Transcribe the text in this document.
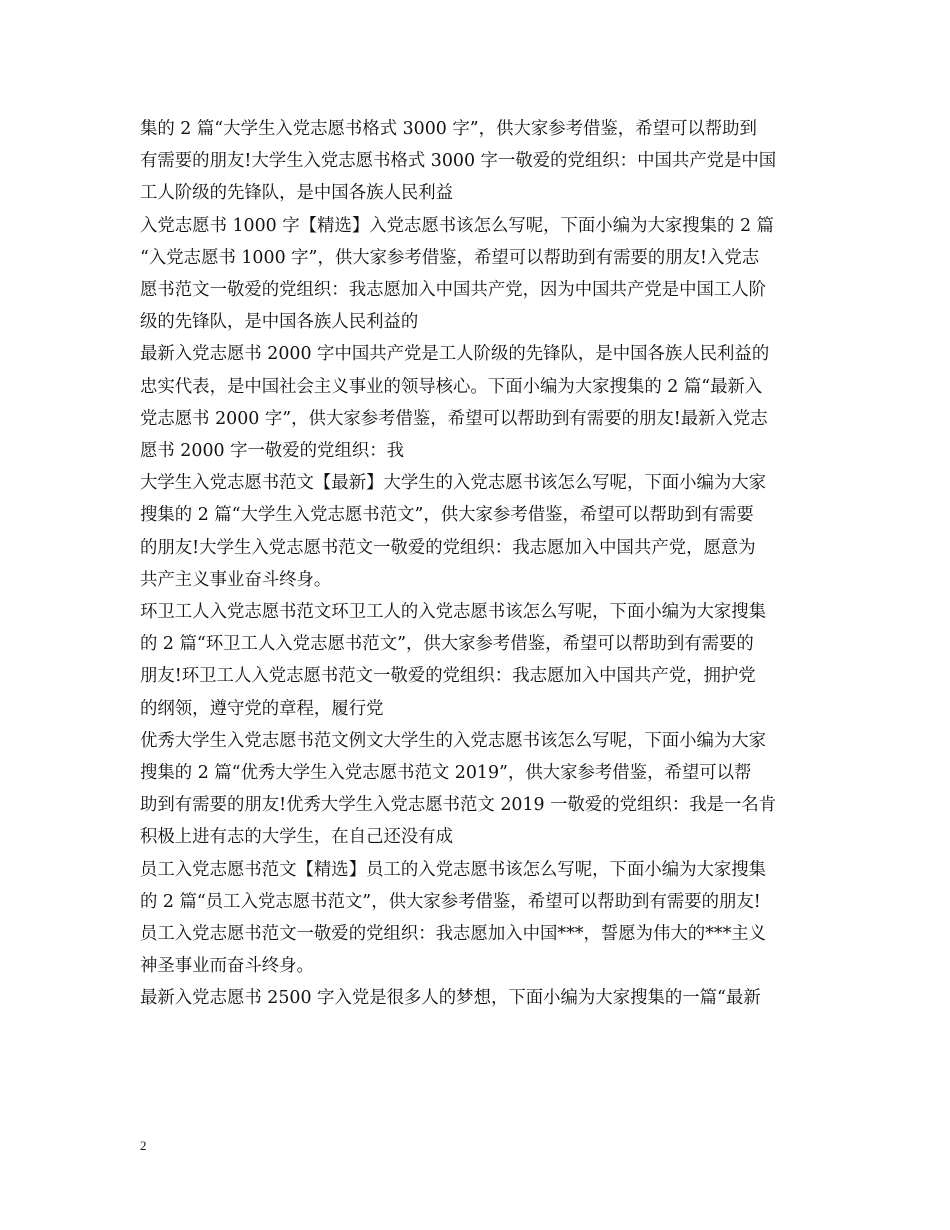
集的 2 篇“大学生入党志愿书格式 3000 字”，供大家参考借鉴，希望可以帮助到
有需要的朋友!大学生入党志愿书格式 3000 字一敬爱的党组织：中国共产党是中国
工人阶级的先锋队，是中国各族人民利益
入党志愿书 1000 字【精选】入党志愿书该怎么写呢，下面小编为大家搜集的 2 篇
“入党志愿书 1000 字”，供大家参考借鉴，希望可以帮助到有需要的朋友!入党志
愿书范文一敬爱的党组织：我志愿加入中国共产党，因为中国共产党是中国工人阶
级的先锋队，是中国各族人民利益的
最新入党志愿书 2000 字中国共产党是工人阶级的先锋队，是中国各族人民利益的
忠实代表，是中国社会主义事业的领导核心。下面小编为大家搜集的 2 篇“最新入
党志愿书 2000 字”，供大家参考借鉴，希望可以帮助到有需要的朋友!最新入党志
愿书 2000 字一敬爱的党组织：我
大学生入党志愿书范文【最新】大学生的入党志愿书该怎么写呢，下面小编为大家
搜集的 2 篇“大学生入党志愿书范文”，供大家参考借鉴，希望可以帮助到有需要
的朋友!大学生入党志愿书范文一敬爱的党组织：我志愿加入中国共产党，愿意为
共产主义事业奋斗终身。
环卫工人入党志愿书范文环卫工人的入党志愿书该怎么写呢，下面小编为大家搜集
的 2 篇“环卫工人入党志愿书范文”，供大家参考借鉴，希望可以帮助到有需要的
朋友!环卫工人入党志愿书范文一敬爱的党组织：我志愿加入中国共产党，拥护党
的纲领，遵守党的章程，履行党
优秀大学生入党志愿书范文例文大学生的入党志愿书该怎么写呢，下面小编为大家
搜集的 2 篇“优秀大学生入党志愿书范文 2019”，供大家参考借鉴，希望可以帮
助到有需要的朋友!优秀大学生入党志愿书范文 2019 一敬爱的党组织：我是一名肯
积极上进有志的大学生，在自己还没有成
员工入党志愿书范文【精选】员工的入党志愿书该怎么写呢，下面小编为大家搜集
的 2 篇“员工入党志愿书范文”，供大家参考借鉴，希望可以帮助到有需要的朋友!
员工入党志愿书范文一敬爱的党组织：我志愿加入中国***，誓愿为伟大的***主义
神圣事业而奋斗终身。
最新入党志愿书 2500 字入党是很多人的梦想，下面小编为大家搜集的一篇“最新
2
